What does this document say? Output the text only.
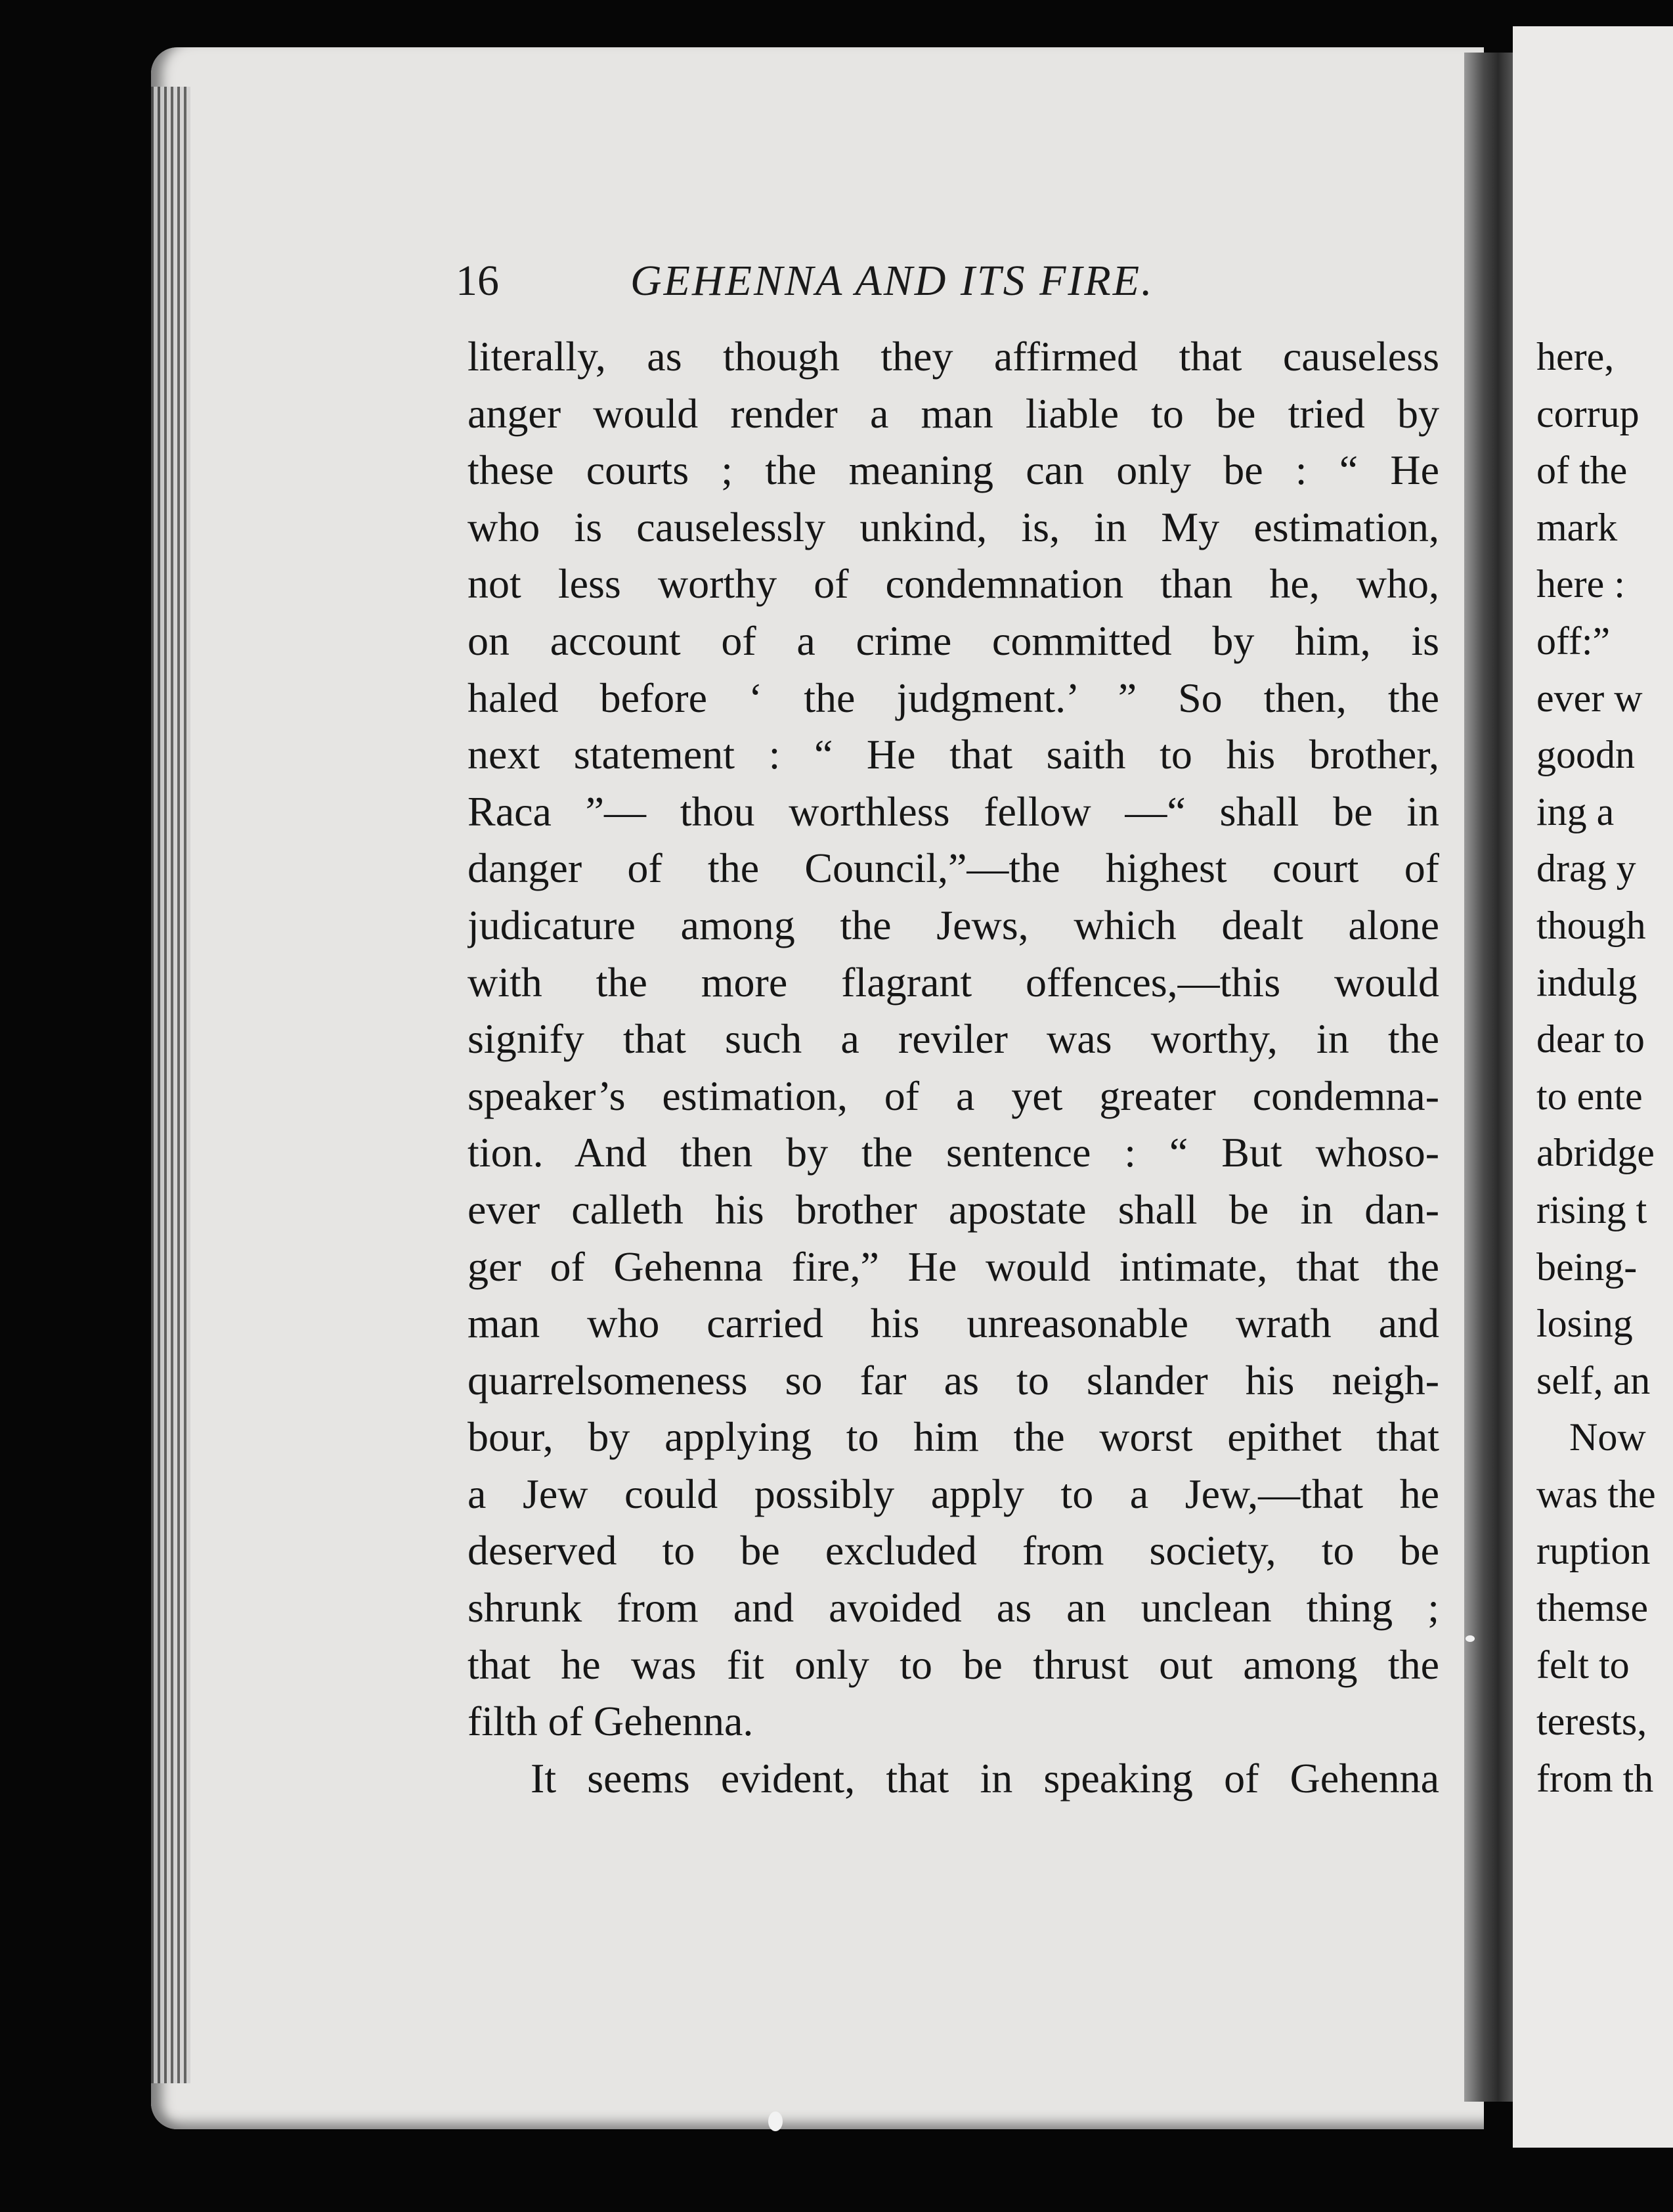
16	GEHENNA AND ITS FIRE.
literally, as though they affirmed that causeless
anger would render a man liable to be tried by
these courts ; the meaning can only be : “ He
who is causelessly unkind, is, in My estimation,
not less worthy of condemnation than he, who,
on account of a crime committed by him, is
haled before ‘ the judgment.’ ” So then, the
next statement : “ He that saith to his brother,
Raca ”— thou worthless fellow —“ shall be in
danger of the Council,”—the highest court of
judicature among the Jews, which dealt alone
with the more flagrant offences,—this would
signify that such a reviler was worthy, in the
speaker’s estimation, of a yet greater condemna-
tion. And then by the sentence : “ But whoso-
ever calleth his brother apostate shall be in dan-
ger of Gehenna fire,” He would intimate, that the
man who carried his unreasonable wrath and
quarrelsomeness so far as to slander his neigh-
bour, by applying to him the worst epithet that
a Jew could possibly apply to a Jew,—that he
deserved to be excluded from society, to be
shrunk from and avoided as an unclean thing ;
that he was fit only to be thrust out among the
filth of Gehenna.
It seems evident, that in speaking of Gehenna
here,
corrup
of the
mark
here :
off:”
ever w
goodn
ing a
drag y
though
indulg
dear to
to ente
abridge
rising t
being-
losing
self, an
Now
was the
ruption
themse
felt to
terests,
from th
